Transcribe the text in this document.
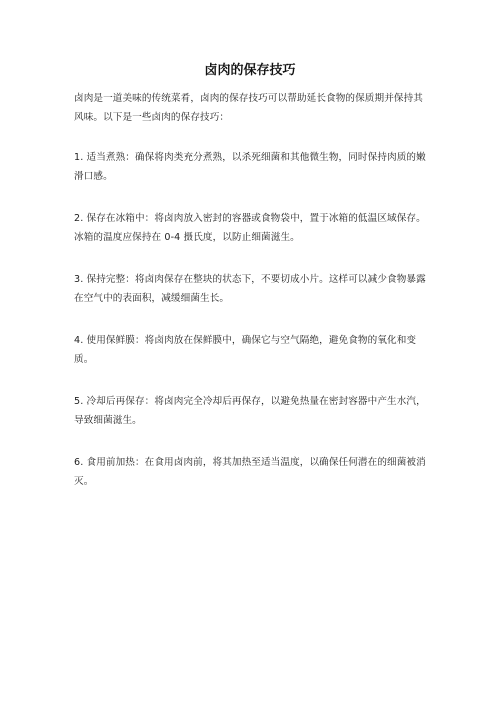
卤肉的保存技巧

卤肉是一道美味的传统菜肴，卤肉的保存技巧可以帮助延长食物的保质期并保持其风味。以下是一些卤肉的保存技巧：

1. 适当煮熟：确保将肉类充分煮熟，以杀死细菌和其他微生物，同时保持肉质的嫩滑口感。

2. 保存在冰箱中：将卤肉放入密封的容器或食物袋中，置于冰箱的低温区域保存。冰箱的温度应保持在 0-4 摄氏度，以防止细菌滋生。

3. 保持完整：将卤肉保存在整块的状态下，不要切成小片。这样可以减少食物暴露在空气中的表面积，减缓细菌生长。

4. 使用保鲜膜：将卤肉放在保鲜膜中，确保它与空气隔绝，避免食物的氧化和变质。

5. 冷却后再保存：将卤肉完全冷却后再保存，以避免热量在密封容器中产生水汽，导致细菌滋生。

6. 食用前加热：在食用卤肉前，将其加热至适当温度，以确保任何潜在的细菌被消灭。
